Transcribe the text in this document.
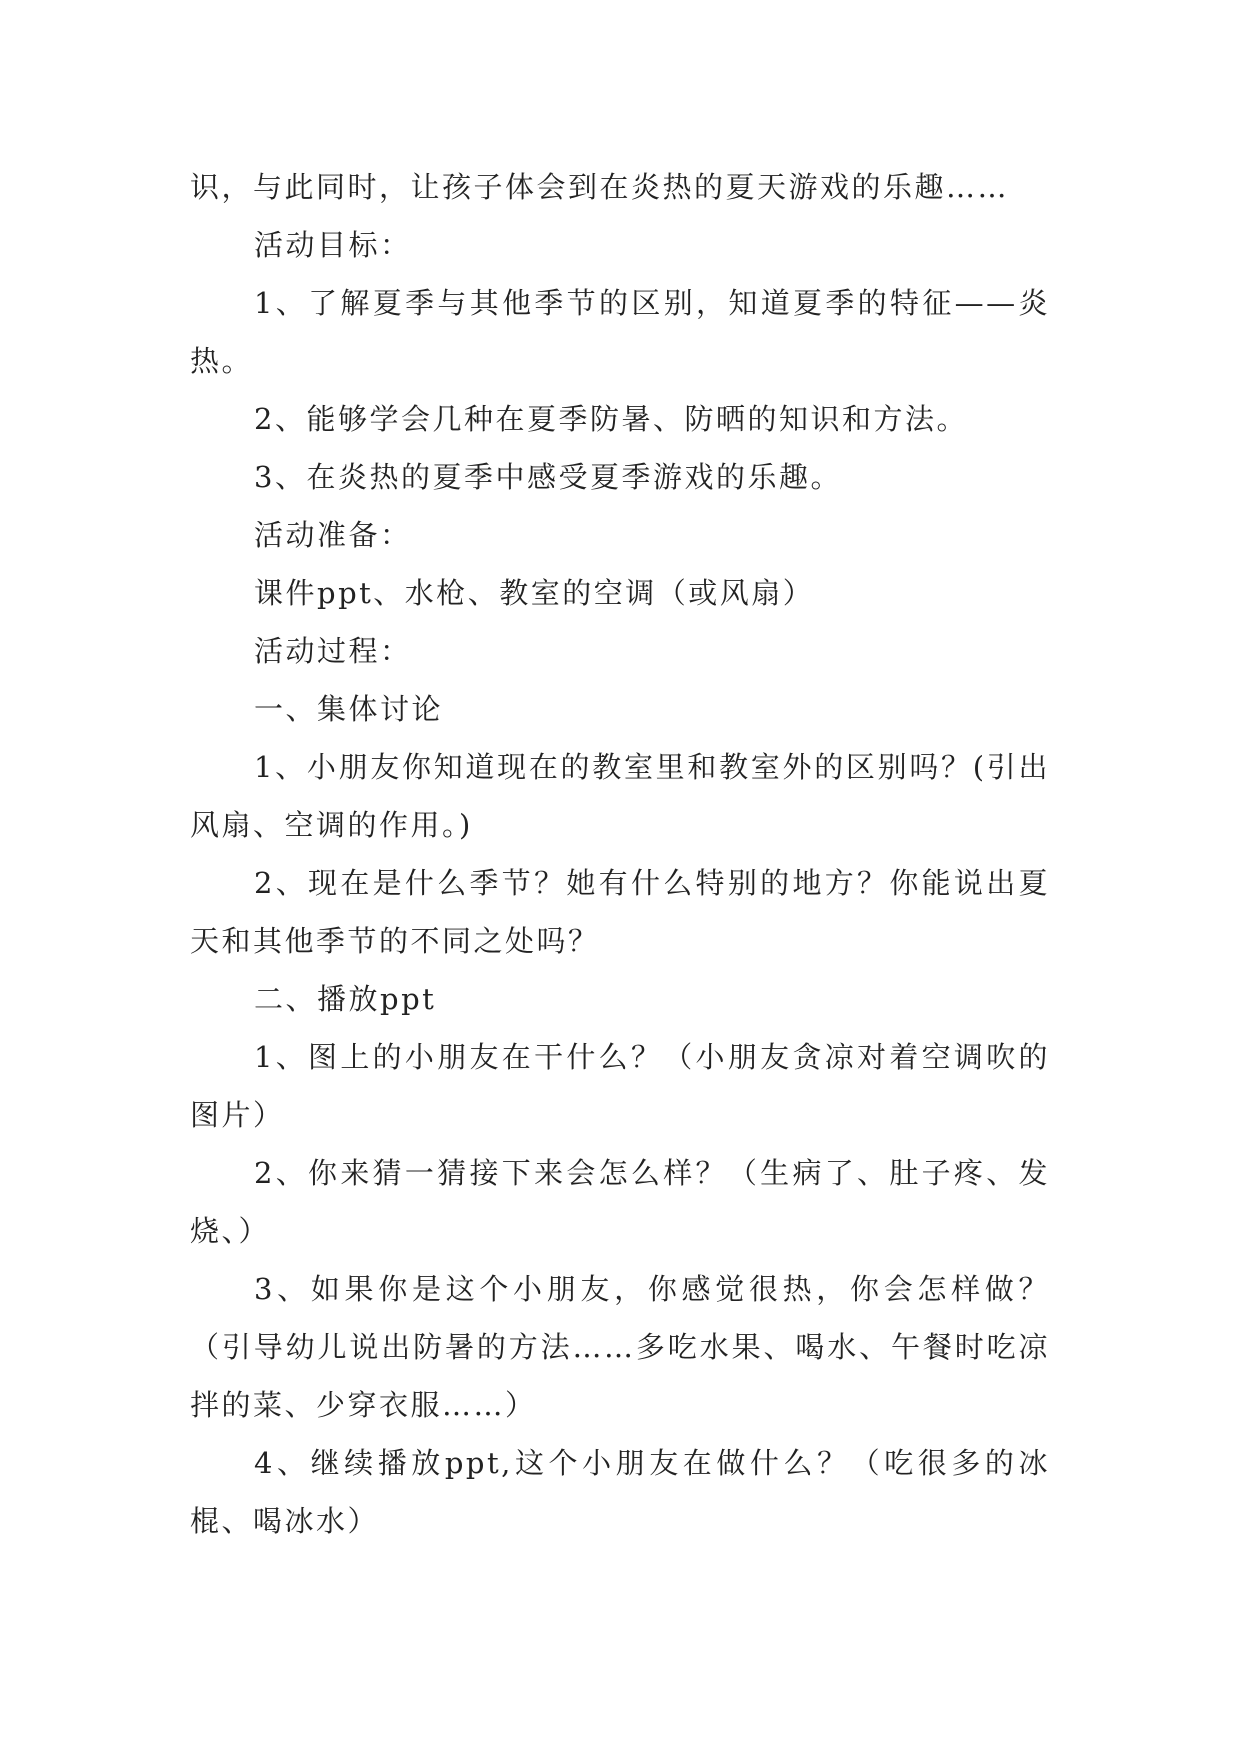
识，与此同时，让孩子体会到在炎热的夏天游戏的乐趣……

活动目标：

1、了解夏季与其他季节的区别，知道夏季的特征——炎热。

2、能够学会几种在夏季防暑、防晒的知识和方法。

3、在炎热的夏季中感受夏季游戏的乐趣。

活动准备：

课件ppt、水枪、教室的空调（或风扇）

活动过程：

一、集体讨论

1、小朋友你知道现在的教室里和教室外的区别吗？(引出风扇、空调的作用。)

2、现在是什么季节？她有什么特别的地方？你能说出夏天和其他季节的不同之处吗？

二、播放ppt

1、图上的小朋友在干什么？（小朋友贪凉对着空调吹的图片）

2、你来猜一猜接下来会怎么样？（生病了、肚子疼、发烧、）

3、如果你是这个小朋友，你感觉很热，你会怎样做？（引导幼儿说出防暑的方法……多吃水果、喝水、午餐时吃凉拌的菜、少穿衣服……）

4、继续播放ppt,这个小朋友在做什么？（吃很多的冰棍、喝冰水）
